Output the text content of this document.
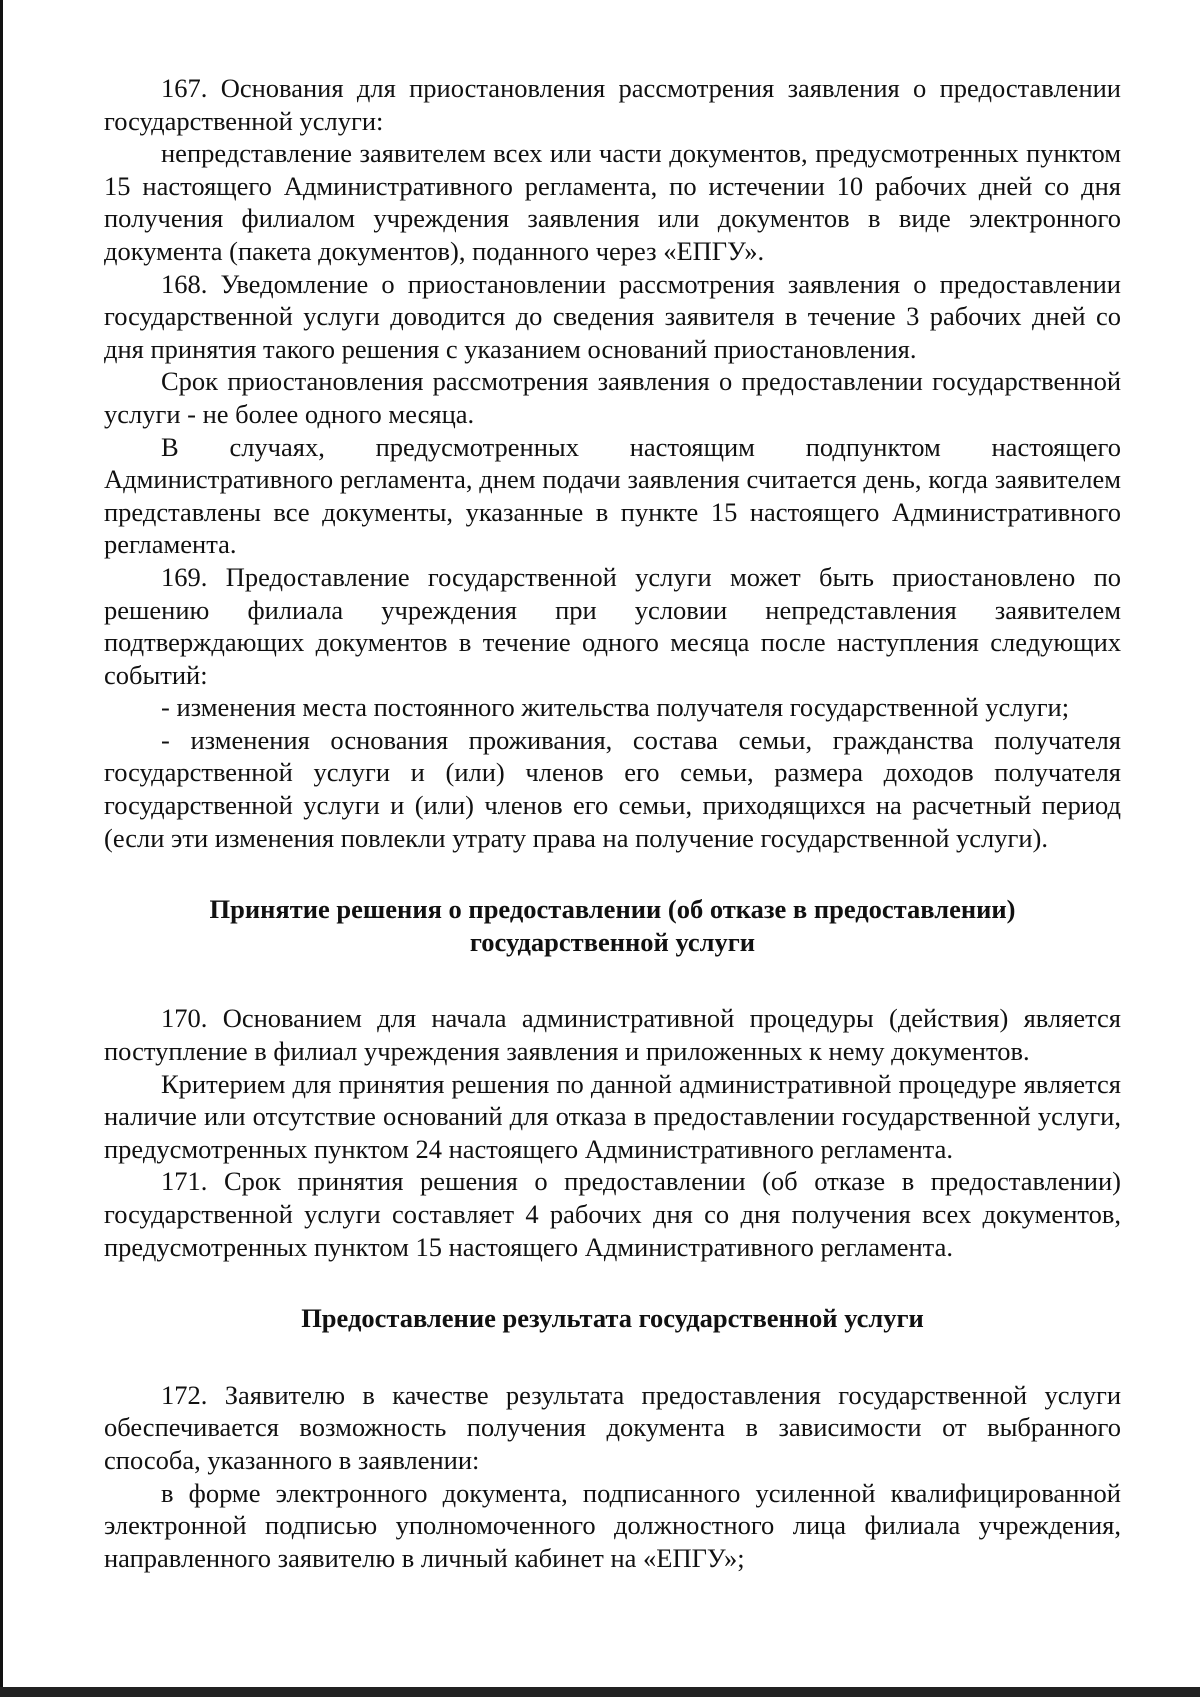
167. Основания для приостановления рассмотрения заявления о предоставлении государственной услуги:

непредставление заявителем всех или части документов, предусмотренных пунктом 15 настоящего Административного регламента, по истечении 10 рабочих дней со дня получения филиалом учреждения заявления или документов в виде электронного документа (пакета документов), поданного через «ЕПГУ».

168. Уведомление о приостановлении рассмотрения заявления о предоставлении государственной услуги доводится до сведения заявителя в течение 3 рабочих дней со дня принятия такого решения с указанием оснований приостановления.

Срок приостановления рассмотрения заявления о предоставлении государственной услуги - не более одного месяца.

В случаях, предусмотренных настоящим подпунктом настоящего Административного регламента, днем подачи заявления считается день, когда заявителем представлены все документы, указанные в пункте 15 настоящего Административного регламента.

169. Предоставление государственной услуги может быть приостановлено по решению филиала учреждения при условии непредставления заявителем подтверждающих документов в течение одного месяца после наступления следующих событий:

- изменения места постоянного жительства получателя государственной услуги;

- изменения основания проживания, состава семьи, гражданства получателя государственной услуги и (или) членов его семьи, размера доходов получателя государственной услуги и (или) членов его семьи, приходящихся на расчетный период (если эти изменения повлекли утрату права на получение государственной услуги).

Принятие решения о предоставлении (об отказе в предоставлении)
государственной услуги

170. Основанием для начала административной процедуры (действия) является поступление в филиал учреждения заявления и приложенных к нему документов.

Критерием для принятия решения по данной административной процедуре является наличие или отсутствие оснований для отказа в предоставлении государственной услуги, предусмотренных пунктом 24 настоящего Административного регламента.

171. Срок принятия решения о предоставлении (об отказе в предоставлении) государственной услуги составляет 4 рабочих дня со дня получения всех документов, предусмотренных пунктом 15 настоящего Административного регламента.

Предоставление результата государственной услуги

172. Заявителю в качестве результата предоставления государственной услуги обеспечивается возможность получения документа в зависимости от выбранного способа, указанного в заявлении:

в форме электронного документа, подписанного усиленной квалифицированной электронной подписью уполномоченного должностного лица филиала учреждения, направленного заявителю в личный кабинет на «ЕПГУ»;
